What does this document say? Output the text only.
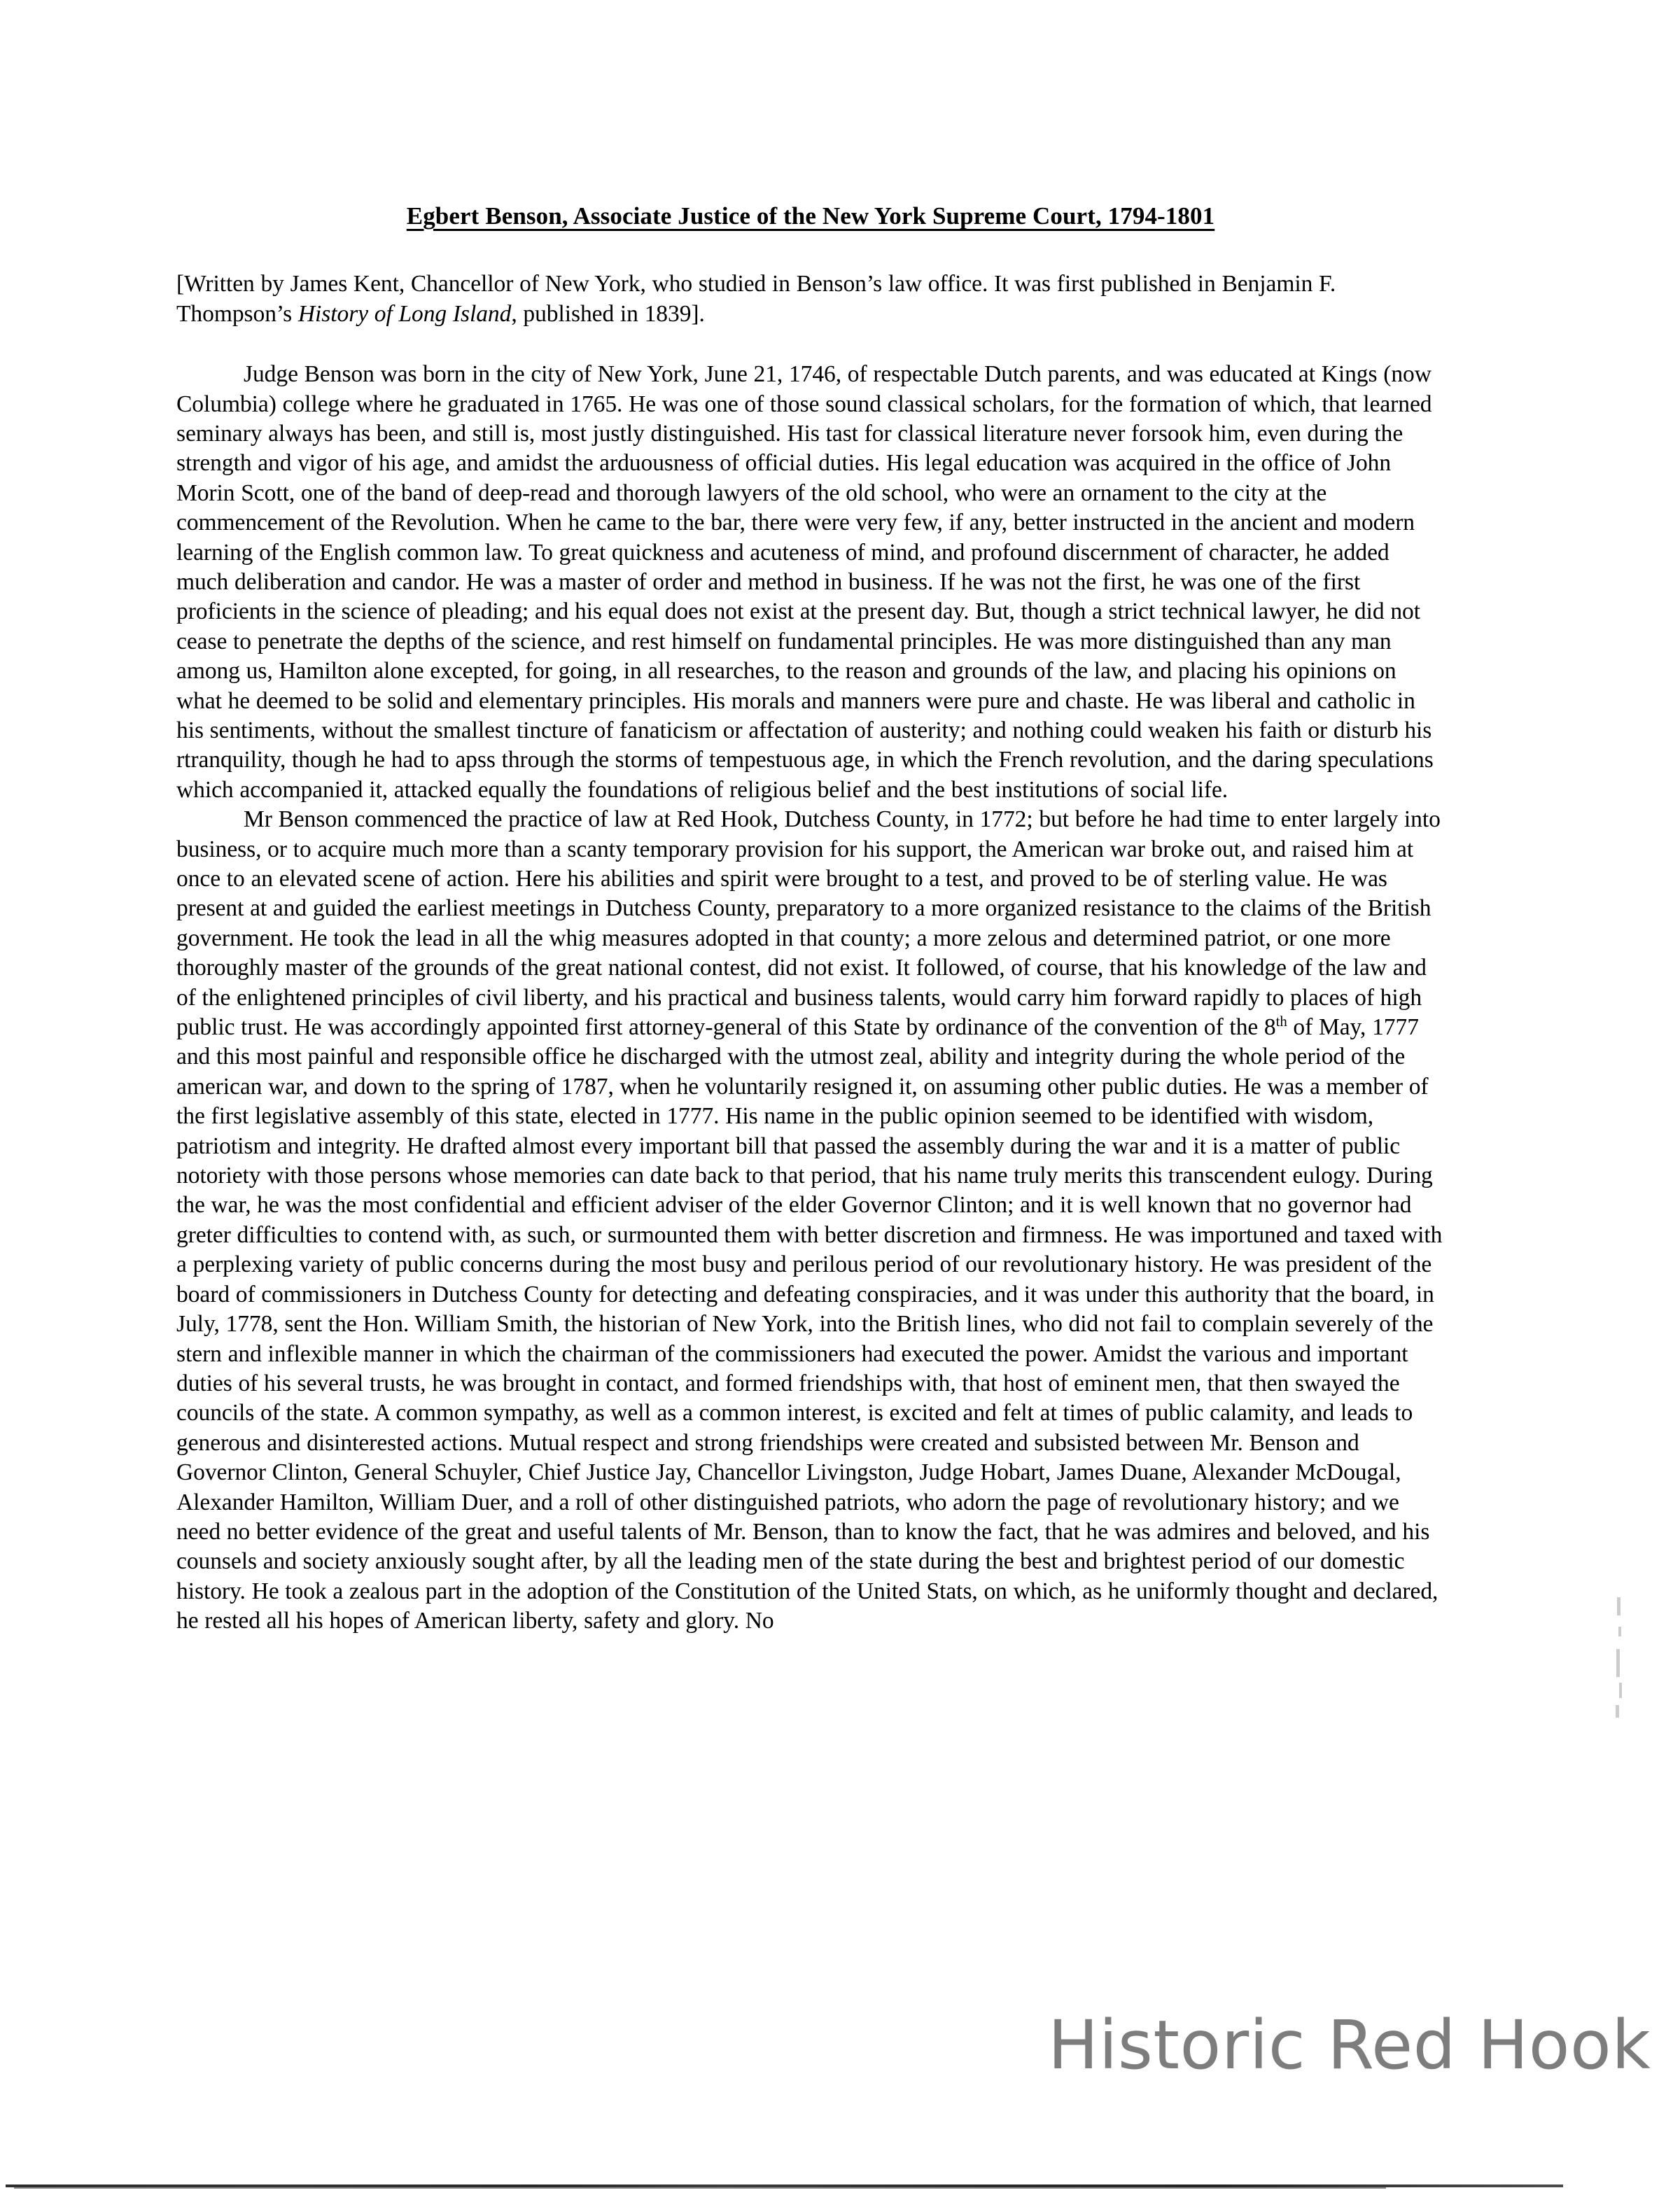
Egbert Benson, Associate Justice of the New York Supreme Court, 1794-1801

[Written by James Kent, Chancellor of New York, who studied in Benson’s law office. It was first published in Benjamin F. Thompson’s History of Long Island, published in 1839].

Judge Benson was born in the city of New York, June 21, 1746, of respectable Dutch parents, and was educated at Kings (now Columbia) college where he graduated in 1765. He was one of those sound classical scholars, for the formation of which, that learned seminary always has been, and still is, most justly distinguished. His tast for classical literature never forsook him, even during the strength and vigor of his age, and amidst the arduousness of official duties. His legal education was acquired in the office of John Morin Scott, one of the band of deep-read and thorough lawyers of the old school, who were an ornament to the city at the commencement of the Revolution. When he came to the bar, there were very few, if any, better instructed in the ancient and modern learning of the English common law. To great quickness and acuteness of mind, and profound discernment of character, he added much deliberation and candor. He was a master of order and method in business. If he was not the first, he was one of the first proficients in the science of pleading; and his equal does not exist at the present day. But, though a strict technical lawyer, he did not cease to penetrate the depths of the science, and rest himself on fundamental principles. He was more distinguished than any man among us, Hamilton alone excepted, for going, in all researches, to the reason and grounds of the law, and placing his opinions on what he deemed to be solid and elementary principles. His morals and manners were pure and chaste. He was liberal and catholic in his sentiments, without the smallest tincture of fanaticism or affectation of austerity; and nothing could weaken his faith or disturb his rtranquility, though he had to apss through the storms of tempestuous age, in which the French revolution, and the daring speculations which accompanied it, attacked equally the foundations of religious belief and the best institutions of social life.

Mr Benson commenced the practice of law at Red Hook, Dutchess County, in 1772; but before he had time to enter largely into business, or to acquire much more than a scanty temporary provision for his support, the American war broke out, and raised him at once to an elevated scene of action. Here his abilities and spirit were brought to a test, and proved to be of sterling value. He was present at and guided the earliest meetings in Dutchess County, preparatory to a more organized resistance to the claims of the British government. He took the lead in all the whig measures adopted in that county; a more zelous and determined patriot, or one more thoroughly master of the grounds of the great national contest, did not exist. It followed, of course, that his knowledge of the law and of the enlightened principles of civil liberty, and his practical and business talents, would carry him forward rapidly to places of high public trust. He was accordingly appointed first attorney-general of this State by ordinance of the convention of the 8th of May, 1777 and this most painful and responsible office he discharged with the utmost zeal, ability and integrity during the whole period of the american war, and down to the spring of 1787, when he voluntarily resigned it, on assuming other public duties. He was a member of the first legislative assembly of this state, elected in 1777. His name in the public opinion seemed to be identified with wisdom, patriotism and integrity. He drafted almost every important bill that passed the assembly during the war and it is a matter of public notoriety with those persons whose memories can date back to that period, that his name truly merits this transcendent eulogy. During the war, he was the most confidential and efficient adviser of the elder Governor Clinton; and it is well known that no governor had greter difficulties to contend with, as such, or surmounted them with better discretion and firmness. He was importuned and taxed with a perplexing variety of public concerns during the most busy and perilous period of our revolutionary history. He was president of the board of commissioners in Dutchess County for detecting and defeating conspiracies, and it was under this authority that the board, in July, 1778, sent the Hon. William Smith, the historian of New York, into the British lines, who did not fail to complain severely of the stern and inflexible manner in which the chairman of the commissioners had executed the power. Amidst the various and important duties of his several trusts, he was brought in contact, and formed friendships with, that host of eminent men, that then swayed the councils of the state. A common sympathy, as well as a common interest, is excited and felt at times of public calamity, and leads to generous and disinterested actions. Mutual respect and strong friendships were created and subsisted between Mr. Benson and Governor Clinton, General Schuyler, Chief Justice Jay, Chancellor Livingston, Judge Hobart, James Duane, Alexander McDougal, Alexander Hamilton, William Duer, and a roll of other distinguished patriots, who adorn the page of revolutionary history; and we need no better evidence of the great and useful talents of Mr. Benson, than to know the fact, that he was admires and beloved, and his counsels and society anxiously sought after, by all the leading men of the state during the best and brightest period of our domestic history. He took a zealous part in the adoption of the Constitution of the United Stats, on which, as he uniformly thought and declared, he rested all his hopes of American liberty, safety and glory. No

Historic Red Hook
